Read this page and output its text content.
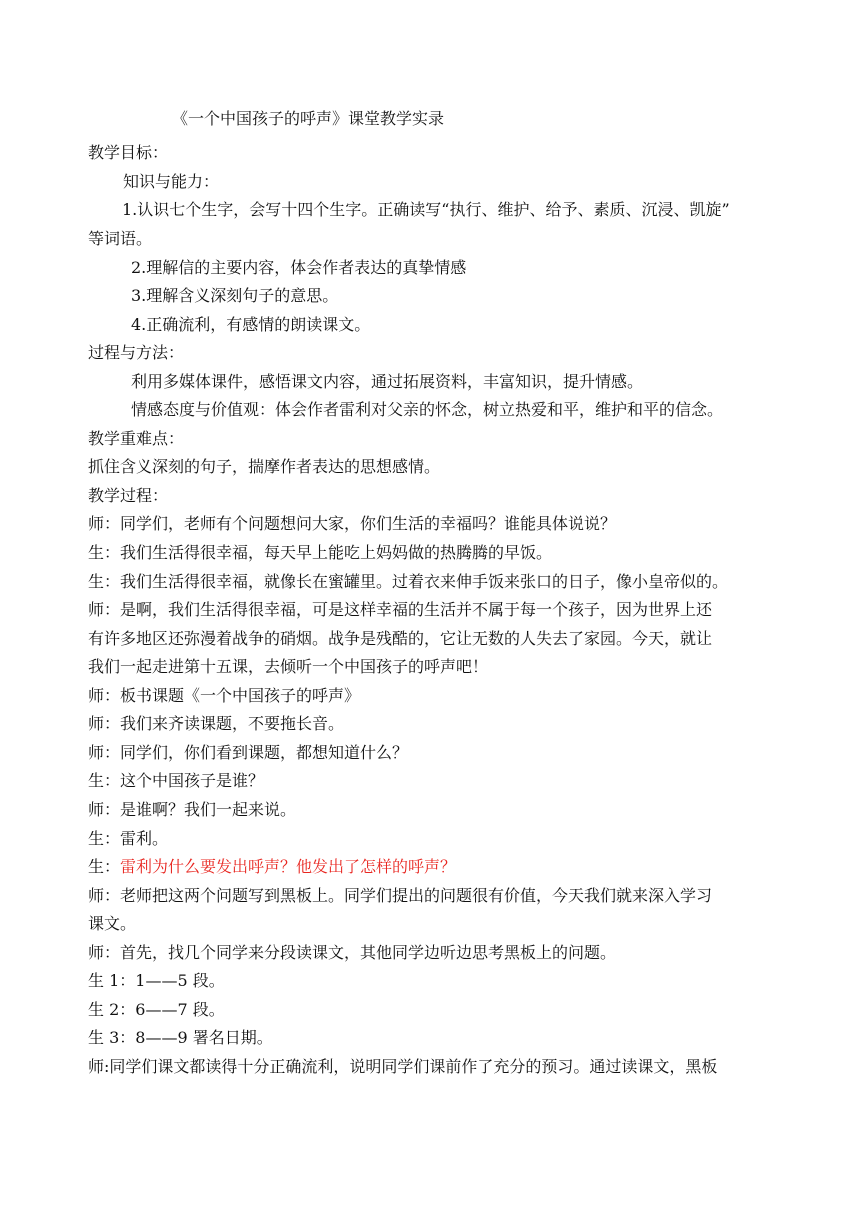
《一个中国孩子的呼声》课堂教学实录
教学目标：
知识与能力：
1.认识七个生字，会写十四个生字。正确读写“执行、维护、给予、素质、沉浸、凯旋”
等词语。
2.理解信的主要内容，体会作者表达的真挚情感
3.理解含义深刻句子的意思。
4.正确流利，有感情的朗读课文。
过程与方法：
利用多媒体课件，感悟课文内容，通过拓展资料，丰富知识，提升情感。
情感态度与价值观：体会作者雷利对父亲的怀念，树立热爱和平，维护和平的信念。
教学重难点：
抓住含义深刻的句子，揣摩作者表达的思想感情。
教学过程：
师：同学们，老师有个问题想问大家，你们生活的幸福吗？谁能具体说说？
生：我们生活得很幸福，每天早上能吃上妈妈做的热腾腾的早饭。
生：我们生活得很幸福，就像长在蜜罐里。过着衣来伸手饭来张口的日子，像小皇帝似的。
师：是啊，我们生活得很幸福，可是这样幸福的生活并不属于每一个孩子，因为世界上还
有许多地区还弥漫着战争的硝烟。战争是残酷的，它让无数的人失去了家园。今天，就让
我们一起走进第十五课，去倾听一个中国孩子的呼声吧！
师：板书课题《一个中国孩子的呼声》
师：我们来齐读课题，不要拖长音。
师：同学们，你们看到课题，都想知道什么？
生：这个中国孩子是谁？
师：是谁啊？我们一起来说。
生：雷利。
生：雷利为什么要发出呼声？他发出了怎样的呼声？
师：老师把这两个问题写到黑板上。同学们提出的问题很有价值，今天我们就来深入学习
课文。
师：首先，找几个同学来分段读课文，其他同学边听边思考黑板上的问题。
生 1：1——5 段。
生 2：6——7 段。
生 3：8——9 署名日期。
师:同学们课文都读得十分正确流利，说明同学们课前作了充分的预习。通过读课文，黑板
